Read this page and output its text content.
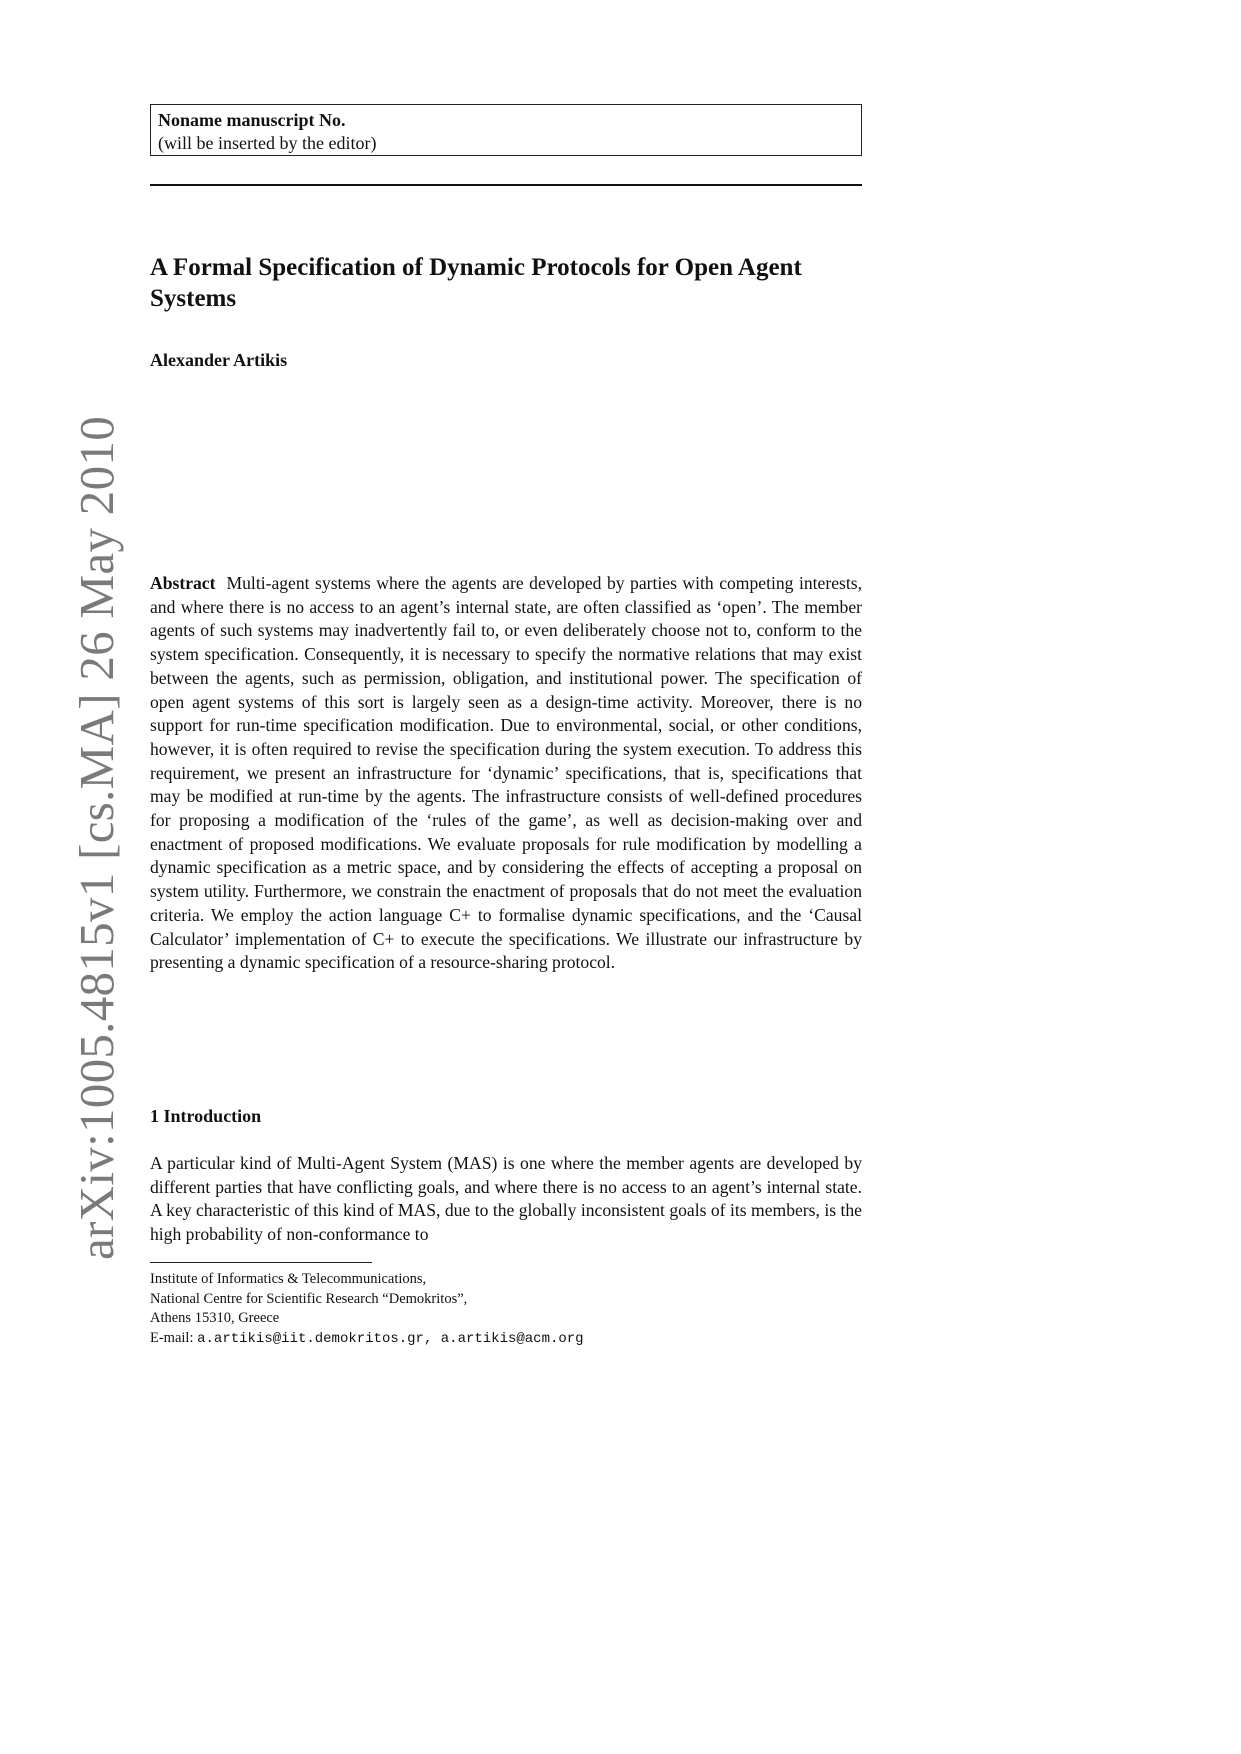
Noname manuscript No.
(will be inserted by the editor)
arXiv:1005.4815v1 [cs.MA] 26 May 2010
A Formal Specification of Dynamic Protocols for Open Agent Systems
Alexander Artikis

Abstract Multi-agent systems where the agents are developed by parties with competing interests, and where there is no access to an agent’s internal state, are often classified as ‘open’. The member agents of such systems may inadvertently fail to, or even deliberately choose not to, conform to the system specification. Consequently, it is necessary to specify the normative relations that may exist between the agents, such as permission, obligation, and institutional power. The specification of open agent systems of this sort is largely seen as a design-time activity. Moreover, there is no support for run-time specification modification. Due to environmental, social, or other conditions, however, it is often required to revise the specification during the system execution. To address this requirement, we present an infrastructure for ‘dynamic’ specifications, that is, specifications that may be modified at run-time by the agents. The infrastructure consists of well-defined procedures for proposing a modification of the ‘rules of the game’, as well as decision-making over and enactment of proposed modifications. We evaluate proposals for rule modification by modelling a dynamic specification as a metric space, and by considering the effects of accepting a proposal on system utility. Furthermore, we constrain the enactment of proposals that do not meet the evaluation criteria. We employ the action language C+ to formalise dynamic specifications, and the ‘Causal Calculator’ implementation of C+ to execute the specifications. We illustrate our infrastructure by presenting a dynamic specification of a resource-sharing protocol.

1 Introduction

A particular kind of Multi-Agent System (MAS) is one where the member agents are developed by different parties that have conflicting goals, and where there is no access to an agent’s internal state. A key characteristic of this kind of MAS, due to the globally inconsistent goals of its members, is the high probability of non-conformance to

Institute of Informatics & Telecommunications,
National Centre for Scientific Research “Demokritos”,
Athens 15310, Greece
E-mail: a.artikis@iit.demokritos.gr, a.artikis@acm.org
